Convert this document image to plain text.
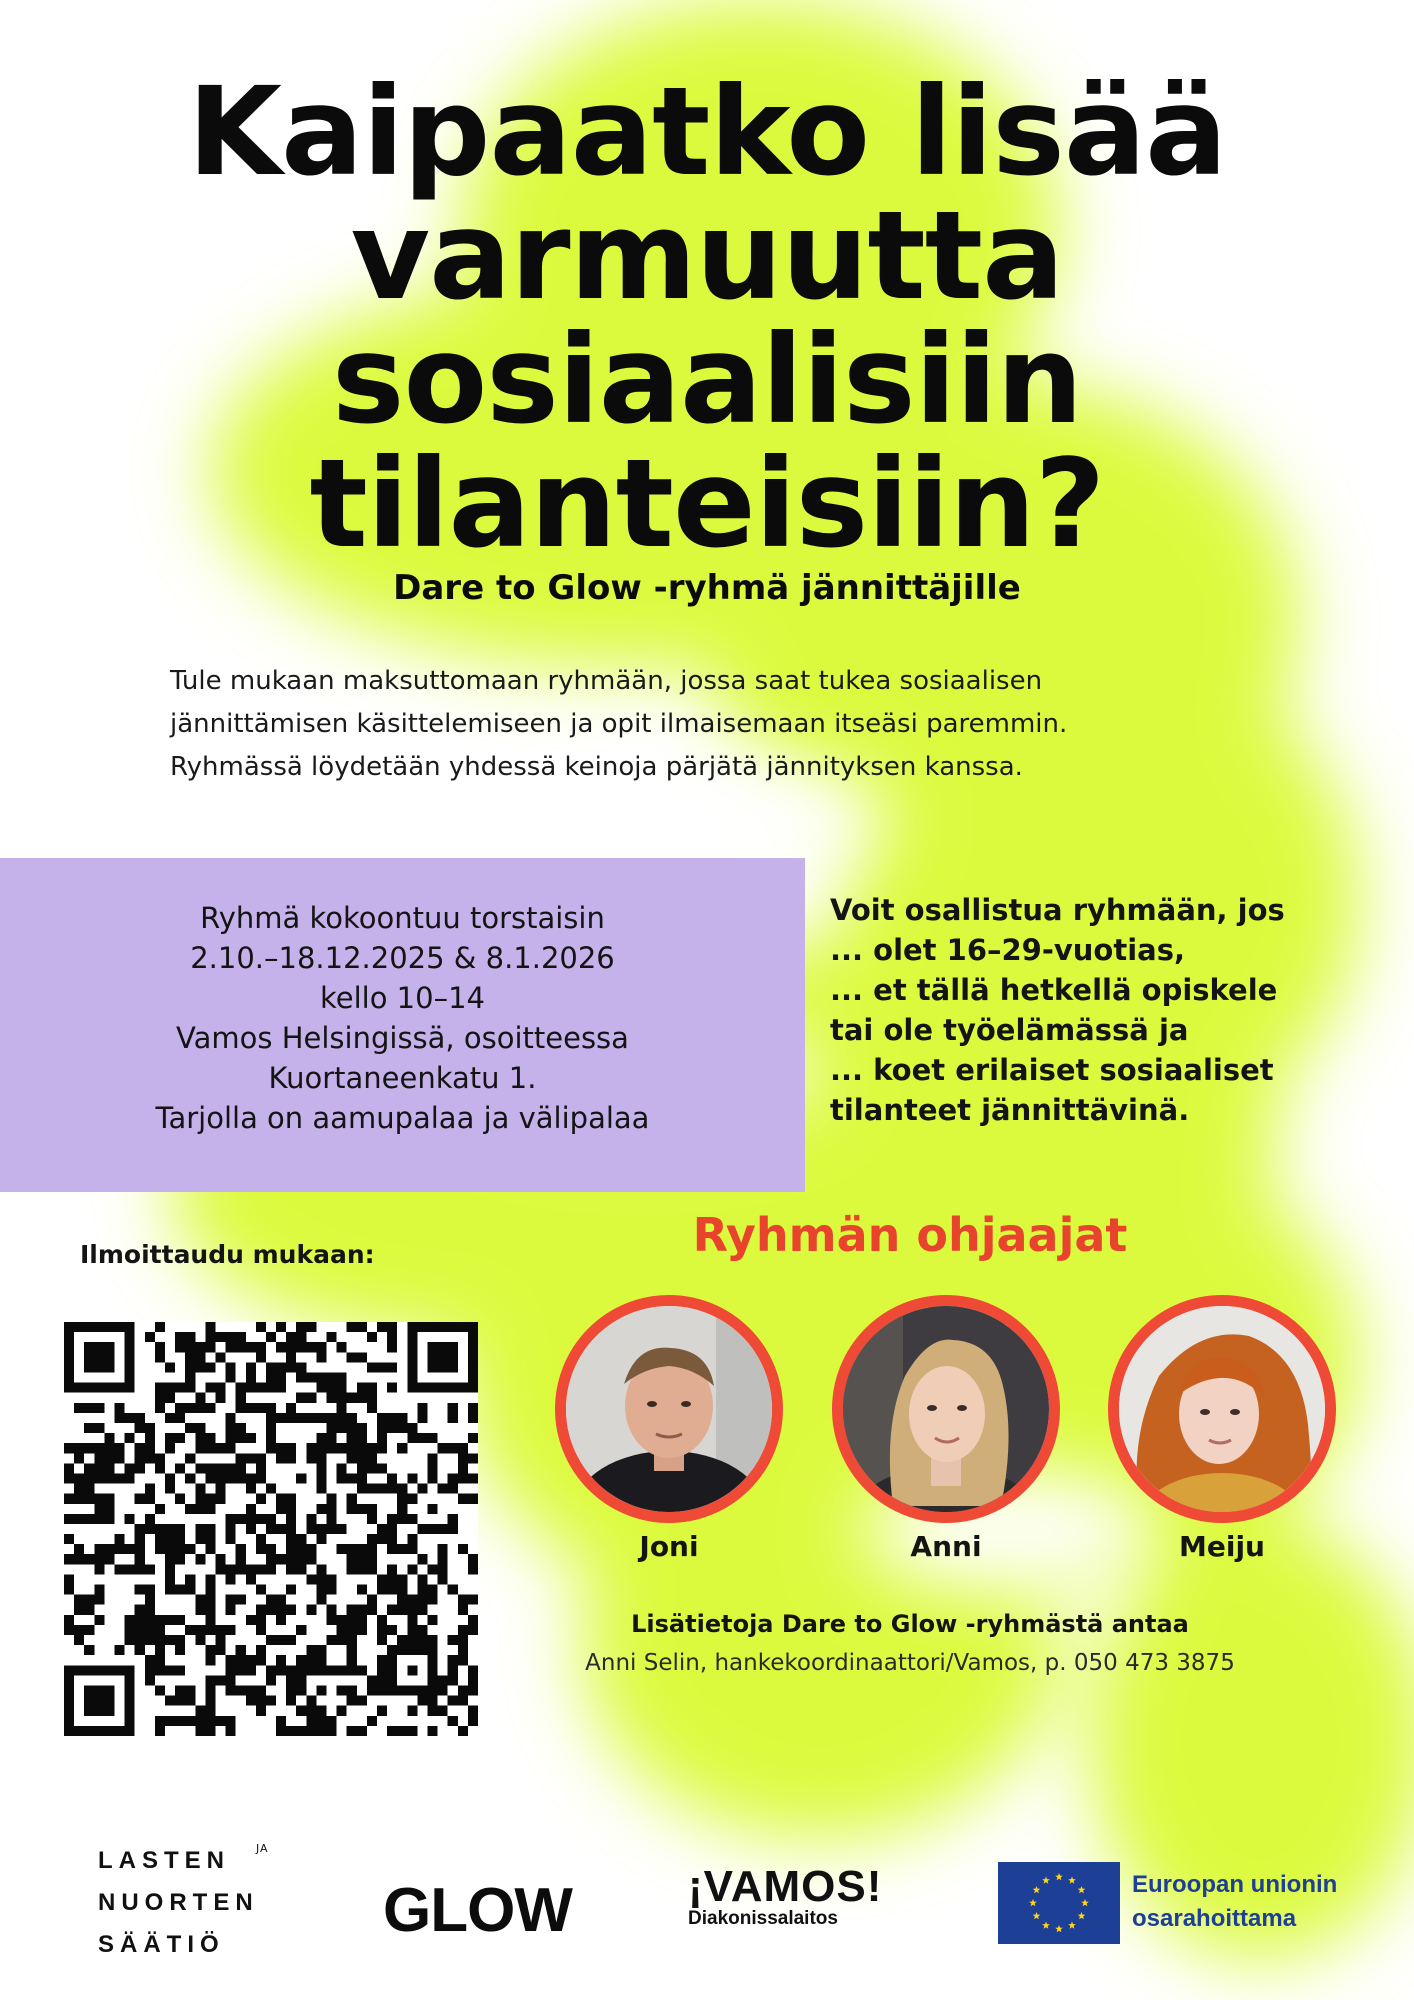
Kaipaatko lisää
varmuutta
sosiaalisiin
tilanteisiin?
Dare to Glow -ryhmä jännittäjille

Tule mukaan maksuttomaan ryhmään, jossa saat tukea sosiaalisen
jännittämisen käsittelemiseen ja opit ilmaisemaan itseäsi paremmin.
Ryhmässä löydetään yhdessä keinoja pärjätä jännityksen kanssa.

Ryhmä kokoontuu torstaisin
2.10.–18.12.2025 & 8.1.2026
kello 10–14
Vamos Helsingissä, osoitteessa
Kuortaneenkatu 1.
Tarjolla on aamupalaa ja välipalaa
Voit osallistua ryhmään, jos
... olet 16–29-vuotias,
... et tällä hetkellä opiskele
tai ole työelämässä ja
... koet erilaiset sosiaaliset
tilanteet jännittävinä.
Ilmoittaudu mukaan:	Ryhmän ohjaajat
Joni	Anni	Meiju
Lisätietoja Dare to Glow -ryhmästä antaa
Anni Selin, hankekoordinaattori/Vamos, p. 050 473 3875
LASTEN	JA
NUORTEN
SÄÄTIÖ	GLOW	¡VAMOS!
Diakonissalaitos
Euroopan unionin
osarahoittama
